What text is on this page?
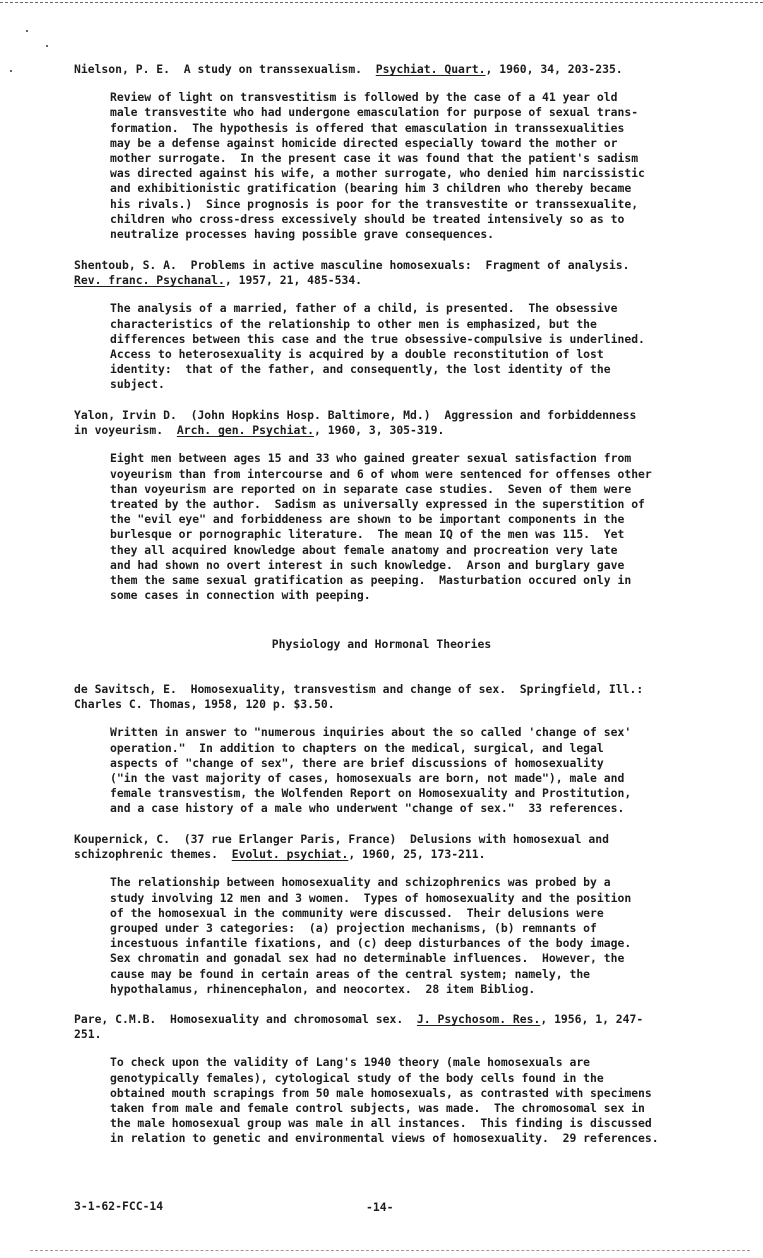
Nielson, P. E. A study on transsexualism. Psychiat. Quart., 1960, 34, 203-235.

Review of light on transvestitism is followed by the case of a 41 year old
male transvestite who had undergone emasculation for purpose of sexual trans-
formation.  The hypothesis is offered that emasculation in transsexualities
may be a defense against homicide directed especially toward the mother or
mother surrogate.  In the present case it was found that the patient's sadism
was directed against his wife, a mother surrogate, who denied him narcissistic
and exhibitionistic gratification (bearing him 3 children who thereby became
his rivals.)  Since prognosis is poor for the transvestite or transsexualite,
children who cross-dress excessively should be treated intensively so as to
neutralize processes having possible grave consequences.

Shentoub, S. A. Problems in active masculine homosexuals:  Fragment of analysis.
Rev. franc. Psychanal., 1957, 21, 485-534.

The analysis of a married, father of a child, is presented.  The obsessive
characteristics of the relationship to other men is emphasized, but the
differences between this case and the true obsessive-compulsive is underlined.
Access to heterosexuality is acquired by a double reconstitution of lost
identity:  that of the father, and consequently, the lost identity of the
subject.

Yalon, Irvin D. (John Hopkins Hosp. Baltimore, Md.) Aggression and forbiddenness
in voyeurism. Arch. gen. Psychiat., 1960, 3, 305-319.

Eight men between ages 15 and 33 who gained greater sexual satisfaction from
voyeurism than from intercourse and 6 of whom were sentenced for offenses other
than voyeurism are reported on in separate case studies.  Seven of them were
treated by the author.  Sadism as universally expressed in the superstition of
the "evil eye" and forbiddeness are shown to be important components in the
burlesque or pornographic literature.  The mean IQ of the men was 115.  Yet
they all acquired knowledge about female anatomy and procreation very late
and had shown no overt interest in such knowledge.  Arson and burglary gave
them the same sexual gratification as peeping.  Masturbation occured only in
some cases in connection with peeping.
Physiology and Hormonal Theories

de Savitsch, E. Homosexuality, transvestism and change of sex. Springfield, Ill.:
Charles C. Thomas, 1958, 120 p. $3.50.

Written in answer to "numerous inquiries about the so called 'change of sex'
operation."  In addition to chapters on the medical, surgical, and legal
aspects of "change of sex", there are brief discussions of homosexuality
("in the vast majority of cases, homosexuals are born, not made"), male and
female transvestism, the Wolfenden Report on Homosexuality and Prostitution,
and a case history of a male who underwent "change of sex."  33 references.

Koupernick, C. (37 rue Erlanger Paris, France) Delusions with homosexual and
schizophrenic themes. Evolut. psychiat., 1960, 25, 173-211.

The relationship between homosexuality and schizophrenics was probed by a
study involving 12 men and 3 women.  Types of homosexuality and the position
of the homosexual in the community were discussed.  Their delusions were
grouped under 3 categories:  (a) projection mechanisms, (b) remnants of
incestuous infantile fixations, and (c) deep disturbances of the body image.
Sex chromatin and gonadal sex had no determinable influences.  However, the
cause may be found in certain areas of the central system; namely, the
hypothalamus, rhinencephalon, and neocortex.  28 item Bibliog.

Pare, C.M.B. Homosexuality and chromosomal sex. J. Psychosom. Res., 1956, 1, 247-
251.

To check upon the validity of Lang's 1940 theory (male homosexuals are
genotypically females), cytological study of the body cells found in the
obtained mouth scrapings from 50 male homosexuals, as contrasted with specimens
taken from male and female control subjects, was made.  The chromosomal sex in
the male homosexual group was male in all instances.  This finding is discussed
in relation to genetic and environmental views of homosexuality.  29 references.
3-1-62-FCC-14	-14-
